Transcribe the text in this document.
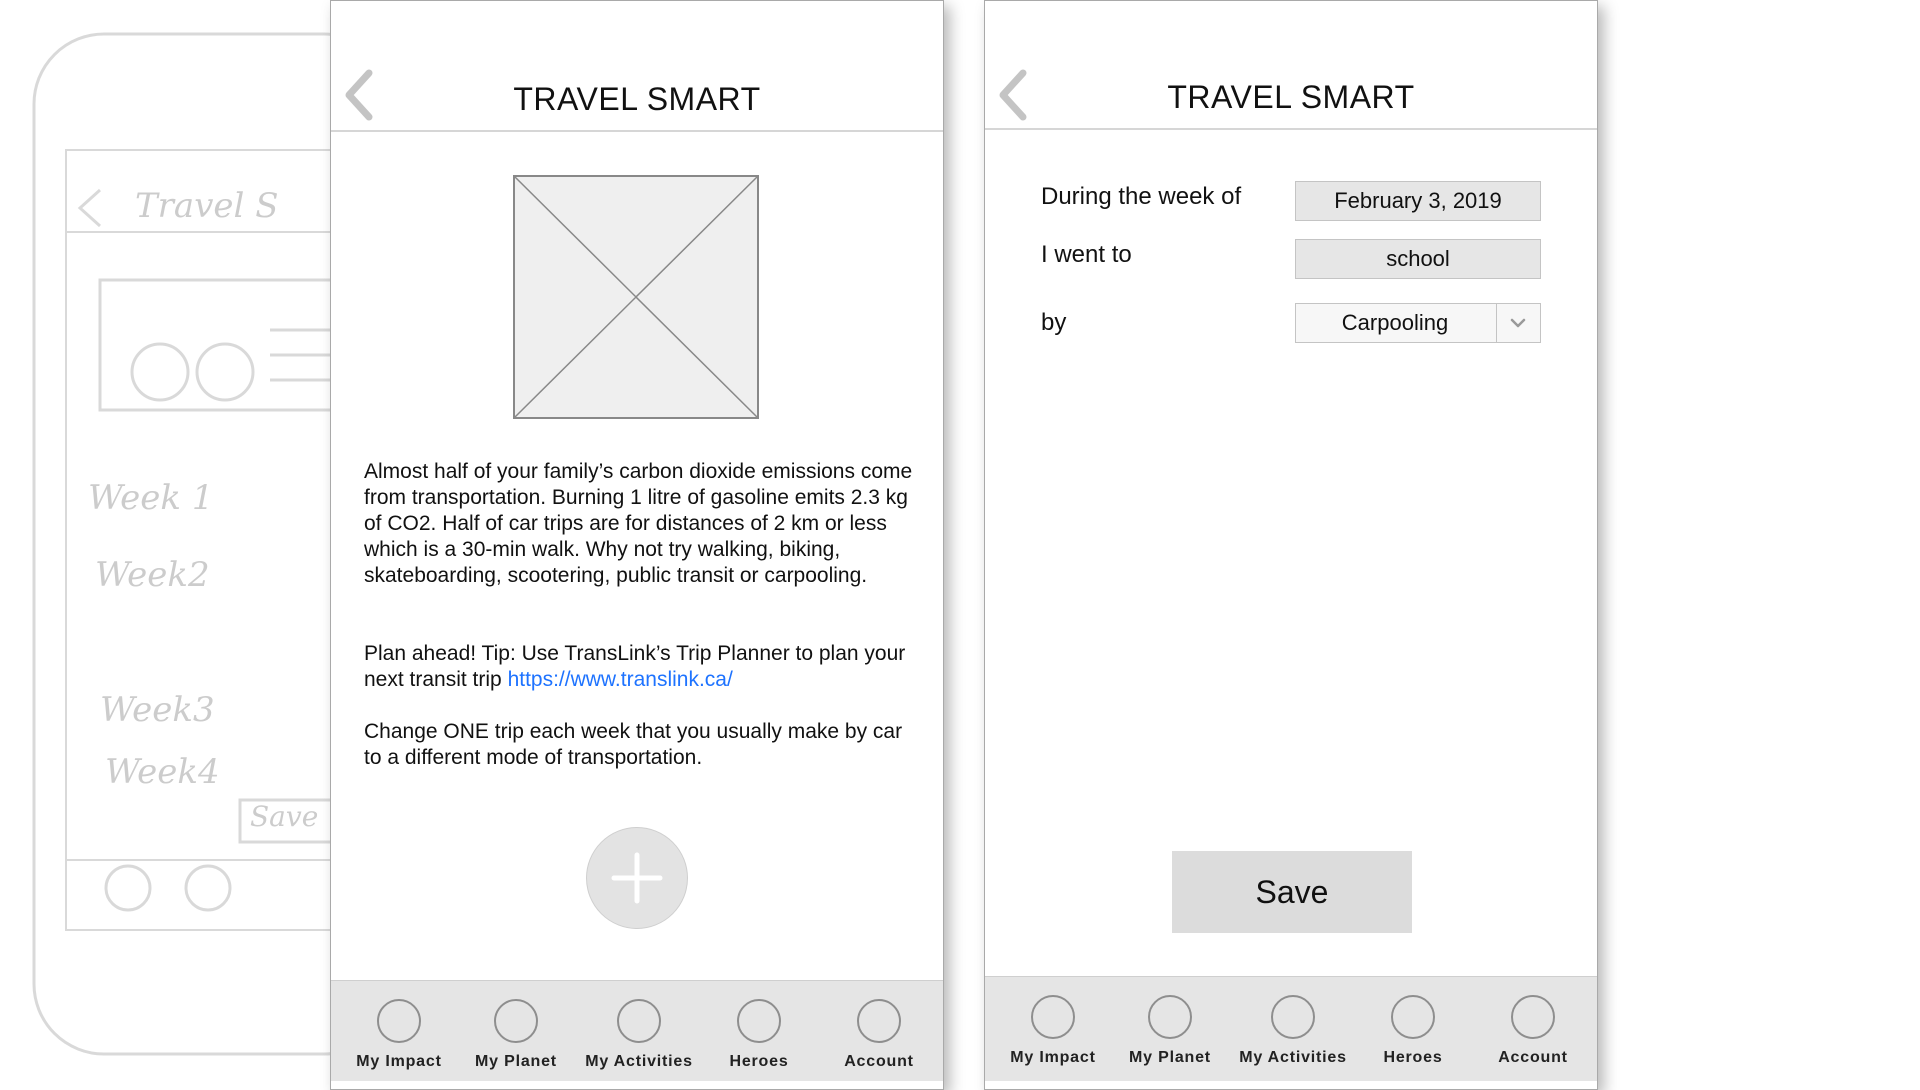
Travel S
Week 1
Week2
Week3
Week4
Save
TRAVEL SMART

Almost half of your family’s carbon dioxide emissions come from transportation. Burning 1 litre of gasoline emits 2.3 kg of CO2. Half of car trips are for distances of 2 km or less which is a 30-min walk. Why not try walking, biking, skateboarding, scootering, public transit or carpooling.

Plan ahead! Tip: Use TransLink’s Trip Planner to plan your next transit trip https://www.translink.ca/

Change ONE trip each week that you usually make by car to a different mode of transportation.

My Impact	My Planet	My Activities	Heroes	Account
TRAVEL SMART
During the week of	February 3, 2019
I went to	school
by	Carpooling
Save
My Impact	My Planet	My Activities	Heroes	Account
